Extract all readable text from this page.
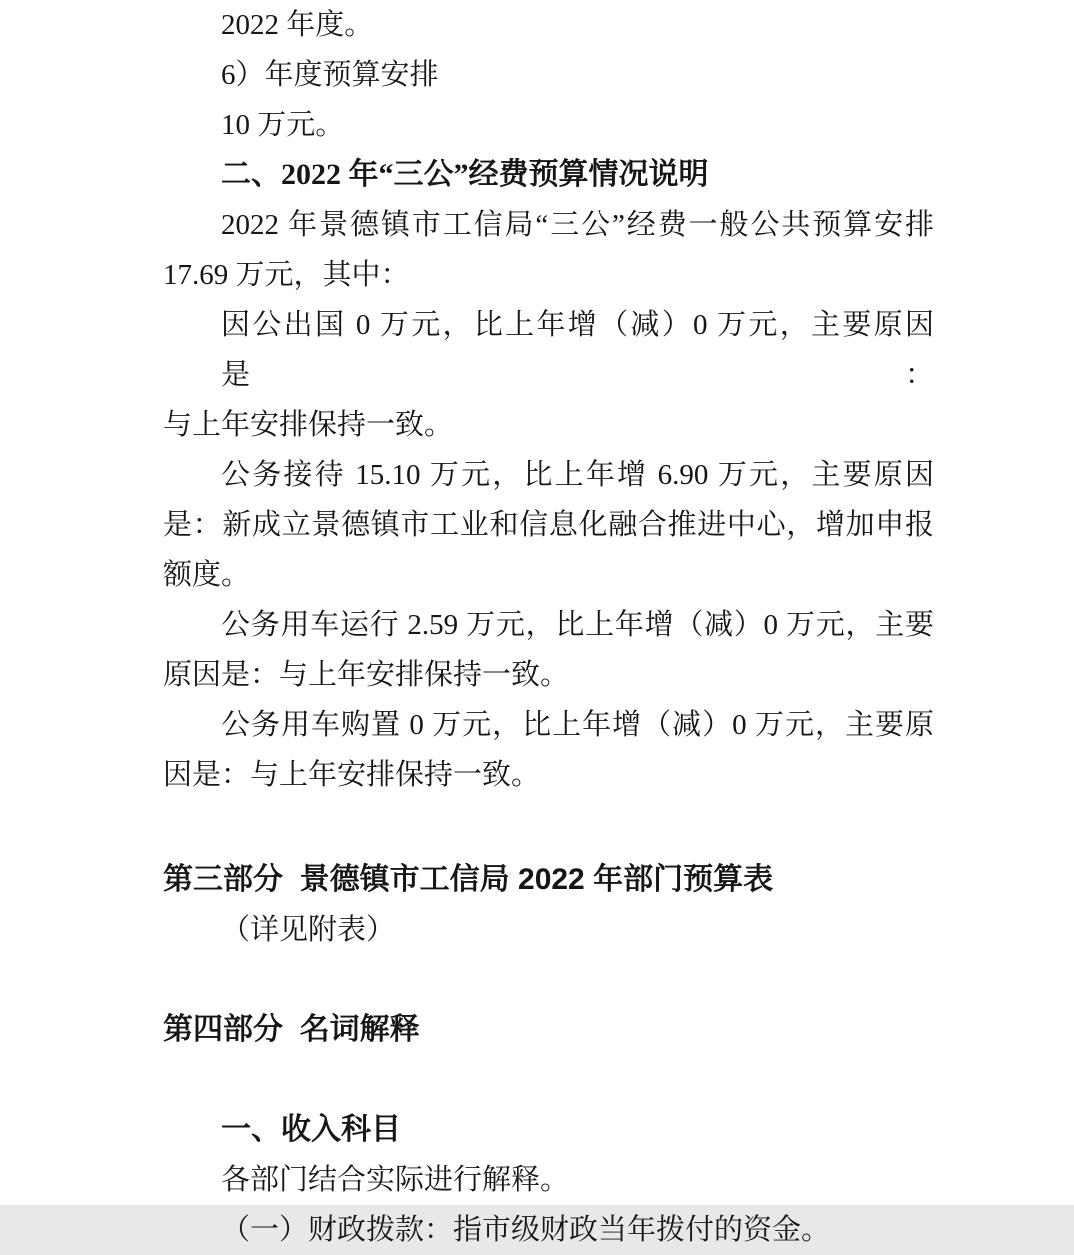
2022 年度。

6）年度预算安排

10 万元。

二、2022 年“三公”经费预算情况说明

2022 年景德镇市工信局“三公”经费一般公共预算安排

17.69 万元，其中：

因公出国 0 万元，比上年增（减）0 万元，主要原因是：

与上年安排保持一致。

公务接待 15.10 万元，比上年增 6.90 万元，主要原因

是：新成立景德镇市工业和信息化融合推进中心，增加申报

额度。

公务用车运行 2.59 万元，比上年增（减）0 万元，主要

原因是：与上年安排保持一致。

公务用车购置 0 万元，比上年增（减）0 万元，主要原

因是：与上年安排保持一致。

第三部分  景德镇市工信局 2022 年部门预算表

（详见附表）

第四部分  名词解释

一、收入科目

各部门结合实际进行解释。

（一）财政拨款：指市级财政当年拨付的资金。
